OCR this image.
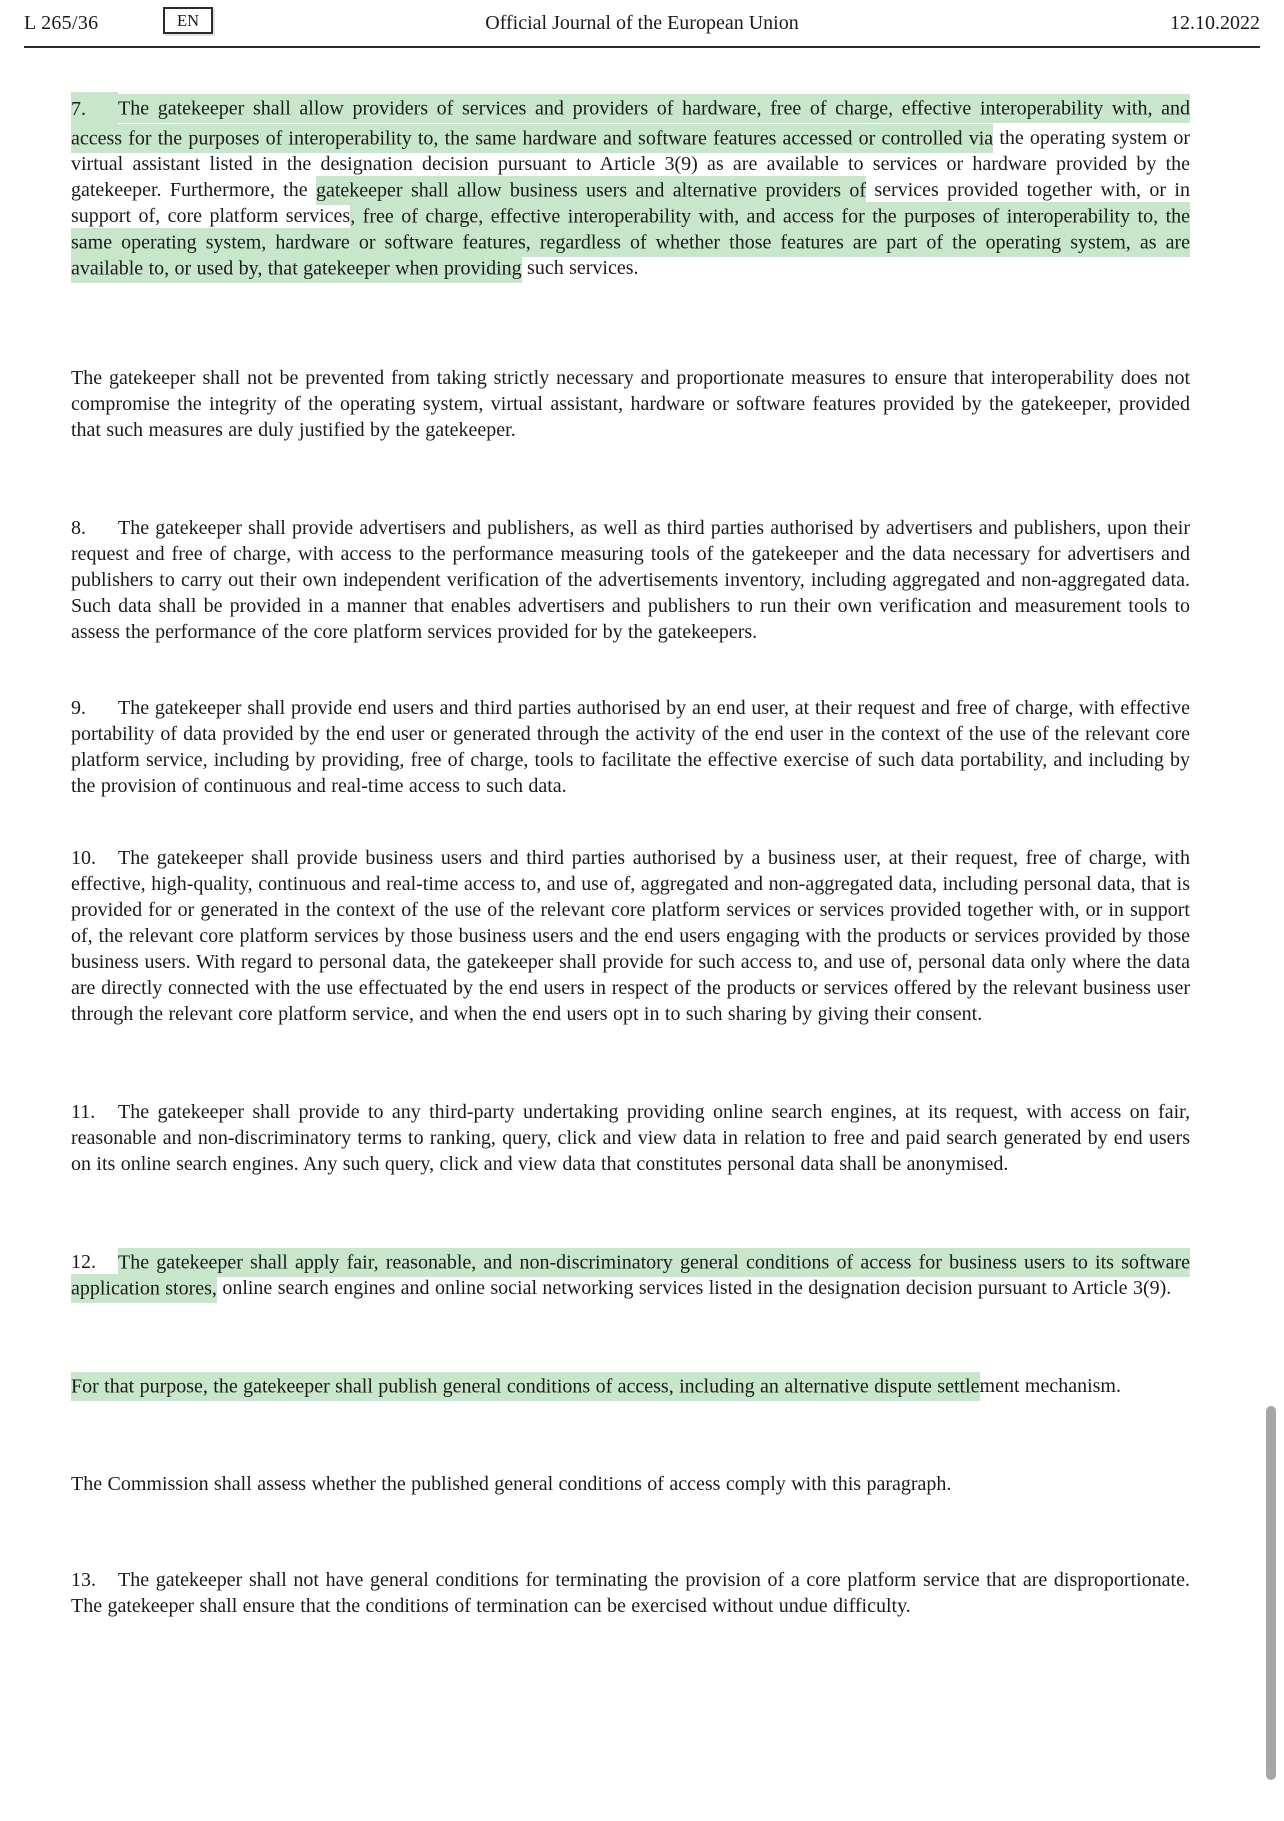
L 265/36	EN	Official Journal of the European Union	12.10.2022

7. The gatekeeper shall allow providers of services and providers of hardware, free of charge, effective interoperability with, and access for the purposes of interoperability to, the same hardware and software features accessed or controlled via the operating system or virtual assistant listed in the designation decision pursuant to Article 3(9) as are available to services or hardware provided by the gatekeeper. Furthermore, the gatekeeper shall allow business users and alternative providers of services provided together with, or in support of, core platform services, free of charge, effective interoperability with, and access for the purposes of interoperability to, the same operating system, hardware or software features, regardless of whether those features are part of the operating system, as are available to, or used by, that gatekeeper when providing such services.

The gatekeeper shall not be prevented from taking strictly necessary and proportionate measures to ensure that interoperability does not compromise the integrity of the operating system, virtual assistant, hardware or software features provided by the gatekeeper, provided that such measures are duly justified by the gatekeeper.

8. The gatekeeper shall provide advertisers and publishers, as well as third parties authorised by advertisers and publishers, upon their request and free of charge, with access to the performance measuring tools of the gatekeeper and the data necessary for advertisers and publishers to carry out their own independent verification of the advertisements inventory, including aggregated and non-aggregated data. Such data shall be provided in a manner that enables advertisers and publishers to run their own verification and measurement tools to assess the performance of the core platform services provided for by the gatekeepers.

9. The gatekeeper shall provide end users and third parties authorised by an end user, at their request and free of charge, with effective portability of data provided by the end user or generated through the activity of the end user in the context of the use of the relevant core platform service, including by providing, free of charge, tools to facilitate the effective exercise of such data portability, and including by the provision of continuous and real-time access to such data.

10. The gatekeeper shall provide business users and third parties authorised by a business user, at their request, free of charge, with effective, high-quality, continuous and real-time access to, and use of, aggregated and non-aggregated data, including personal data, that is provided for or generated in the context of the use of the relevant core platform services or services provided together with, or in support of, the relevant core platform services by those business users and the end users engaging with the products or services provided by those business users. With regard to personal data, the gatekeeper shall provide for such access to, and use of, personal data only where the data are directly connected with the use effectuated by the end users in respect of the products or services offered by the relevant business user through the relevant core platform service, and when the end users opt in to such sharing by giving their consent.

11. The gatekeeper shall provide to any third-party undertaking providing online search engines, at its request, with access on fair, reasonable and non-discriminatory terms to ranking, query, click and view data in relation to free and paid search generated by end users on its online search engines. Any such query, click and view data that constitutes personal data shall be anonymised.

12. The gatekeeper shall apply fair, reasonable, and non-discriminatory general conditions of access for business users to its software application stores, online search engines and online social networking services listed in the designation decision pursuant to Article 3(9).

For that purpose, the gatekeeper shall publish general conditions of access, including an alternative dispute settlement mechanism.

The Commission shall assess whether the published general conditions of access comply with this paragraph.

13. The gatekeeper shall not have general conditions for terminating the provision of a core platform service that are disproportionate. The gatekeeper shall ensure that the conditions of termination can be exercised without undue difficulty.
